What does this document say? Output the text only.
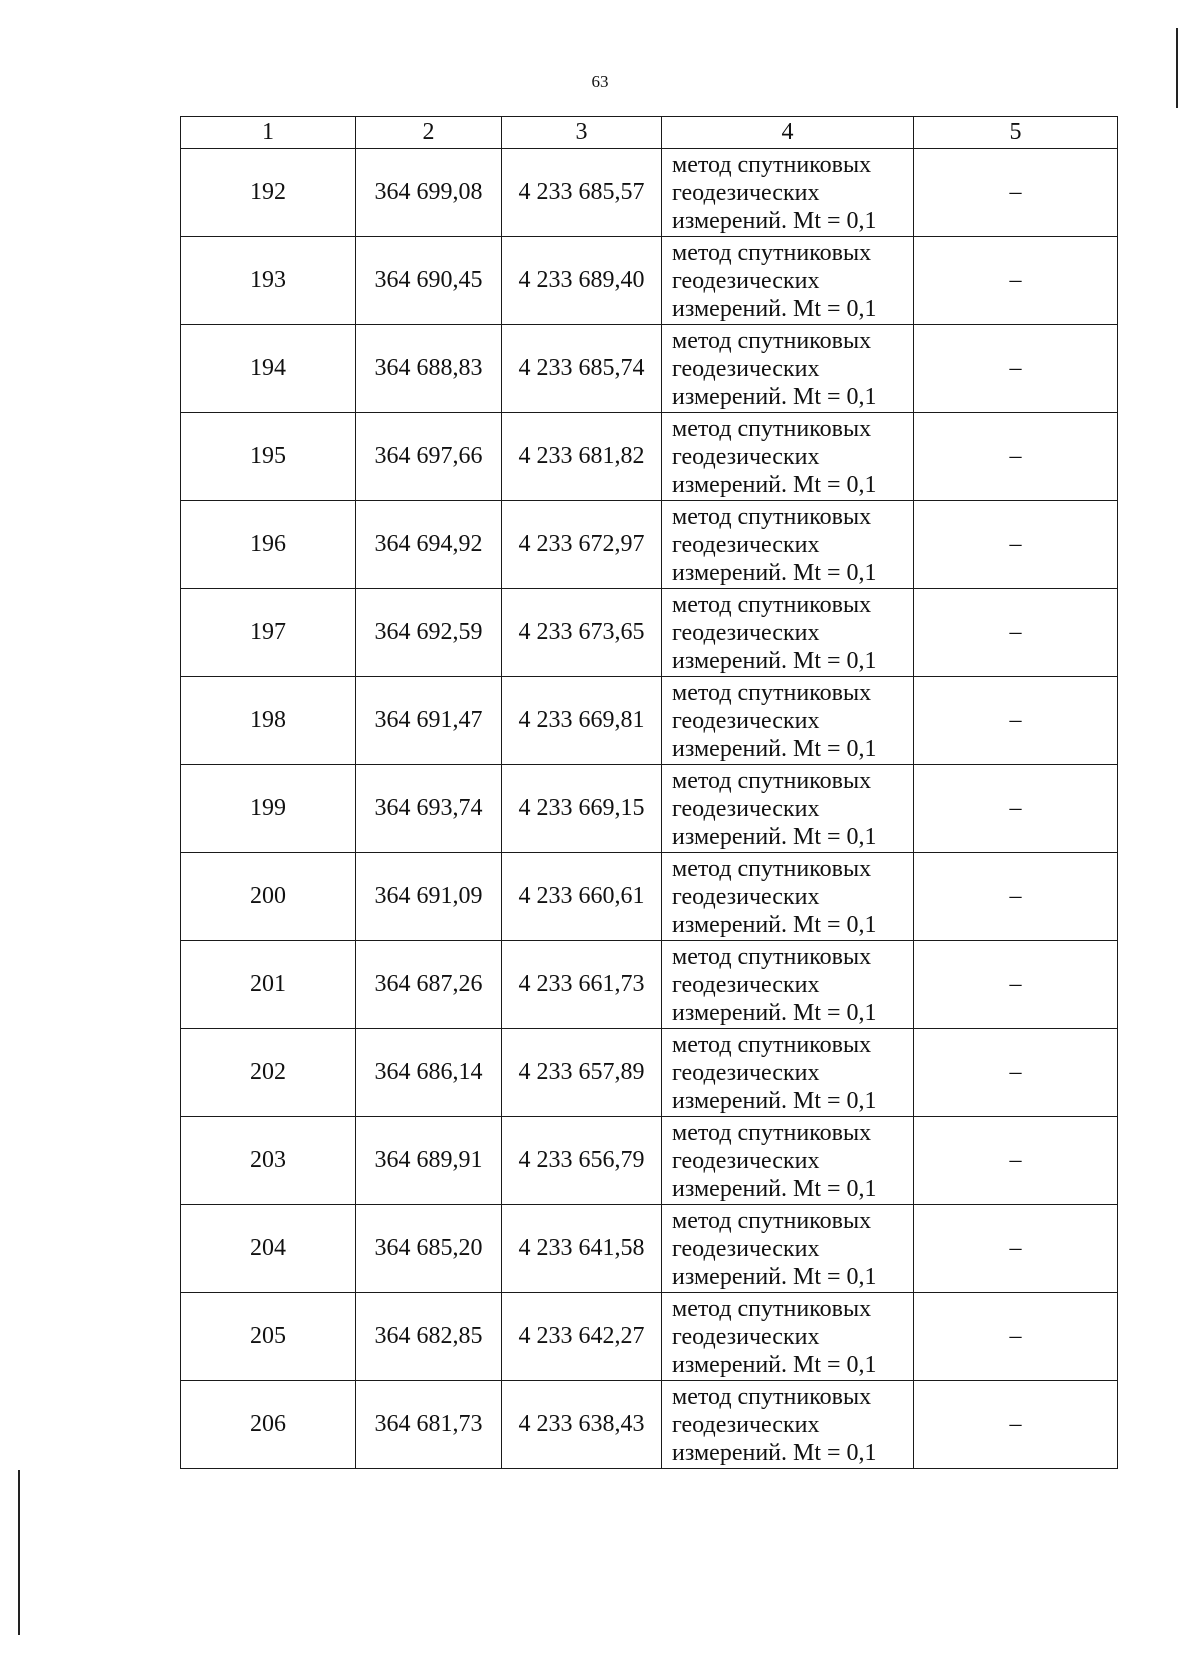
63
1	2	3	4	5
192	364 699,08	4 233 685,57	метод спутниковых
геодезических
измерений. Mt = 0,1	–
193	364 690,45	4 233 689,40	метод спутниковых
геодезических
измерений. Mt = 0,1	–
194	364 688,83	4 233 685,74	метод спутниковых
геодезических
измерений. Mt = 0,1	–
195	364 697,66	4 233 681,82	метод спутниковых
геодезических
измерений. Mt = 0,1	–
196	364 694,92	4 233 672,97	метод спутниковых
геодезических
измерений. Mt = 0,1	–
197	364 692,59	4 233 673,65	метод спутниковых
геодезических
измерений. Mt = 0,1	–
198	364 691,47	4 233 669,81	метод спутниковых
геодезических
измерений. Mt = 0,1	–
199	364 693,74	4 233 669,15	метод спутниковых
геодезических
измерений. Mt = 0,1	–
200	364 691,09	4 233 660,61	метод спутниковых
геодезических
измерений. Mt = 0,1	–
201	364 687,26	4 233 661,73	метод спутниковых
геодезических
измерений. Mt = 0,1	–
202	364 686,14	4 233 657,89	метод спутниковых
геодезических
измерений. Mt = 0,1	–
203	364 689,91	4 233 656,79	метод спутниковых
геодезических
измерений. Mt = 0,1	–
204	364 685,20	4 233 641,58	метод спутниковых
геодезических
измерений. Mt = 0,1	–
205	364 682,85	4 233 642,27	метод спутниковых
геодезических
измерений. Mt = 0,1	–
206	364 681,73	4 233 638,43	метод спутниковых
геодезических
измерений. Mt = 0,1	–
